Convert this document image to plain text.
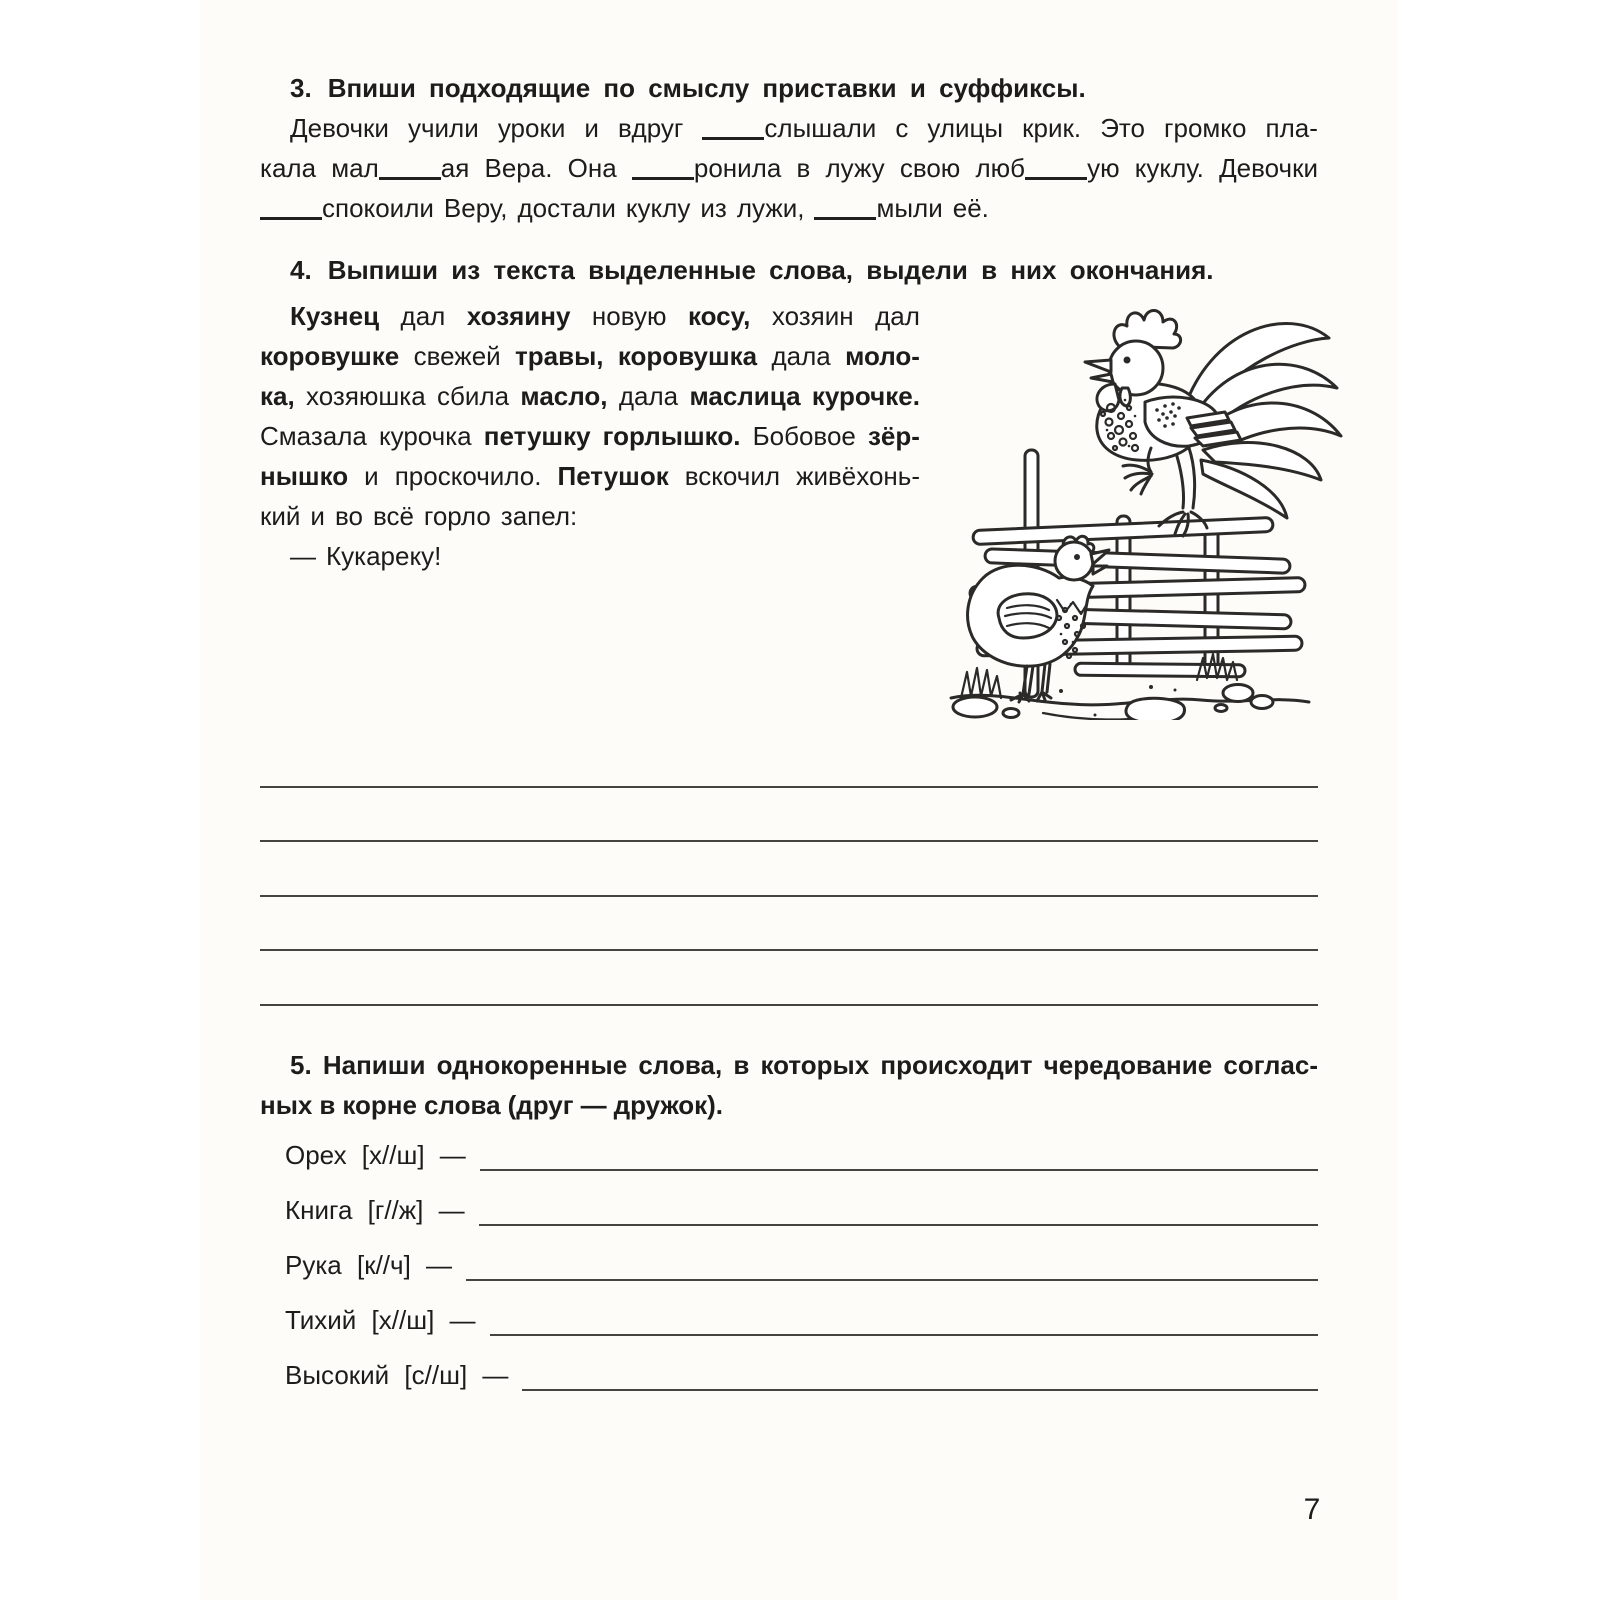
3. Впиши подходящие по смыслу приставки и суффиксы.
Девочки учили уроки и вдруг	слышали с улицы крик. Это громко пла-
кала мал ая Вера. Она	ронила в лужу свою люб ую куклу. Девочки
спокоили Веру, достали куклу из лужи,	мыли её.
4. Выпиши из текста выделенные слова, выдели в них окончания.
Кузнец дал хозяину новую косу, хозяин дал
коровушке свежей травы, коровушка дала моло-
ка, хозяюшка сбила масло, дала маслица курочке.
Смазала курочка петушку горлышко. Бобовое зёр-
нышко и проскочило. Петушок вскочил живёхонь-
кий и во всё горло запел:
— Кукареку!
5. Напиши однокоренные слова, в которых происходит чередование соглас-
ных в корне слова (друг — дружок).
Орех [х//ш] —
Книга [г//ж] —
Рука [к//ч] —
Тихий [х//ш] —
Высокий [с//ш] —
7
